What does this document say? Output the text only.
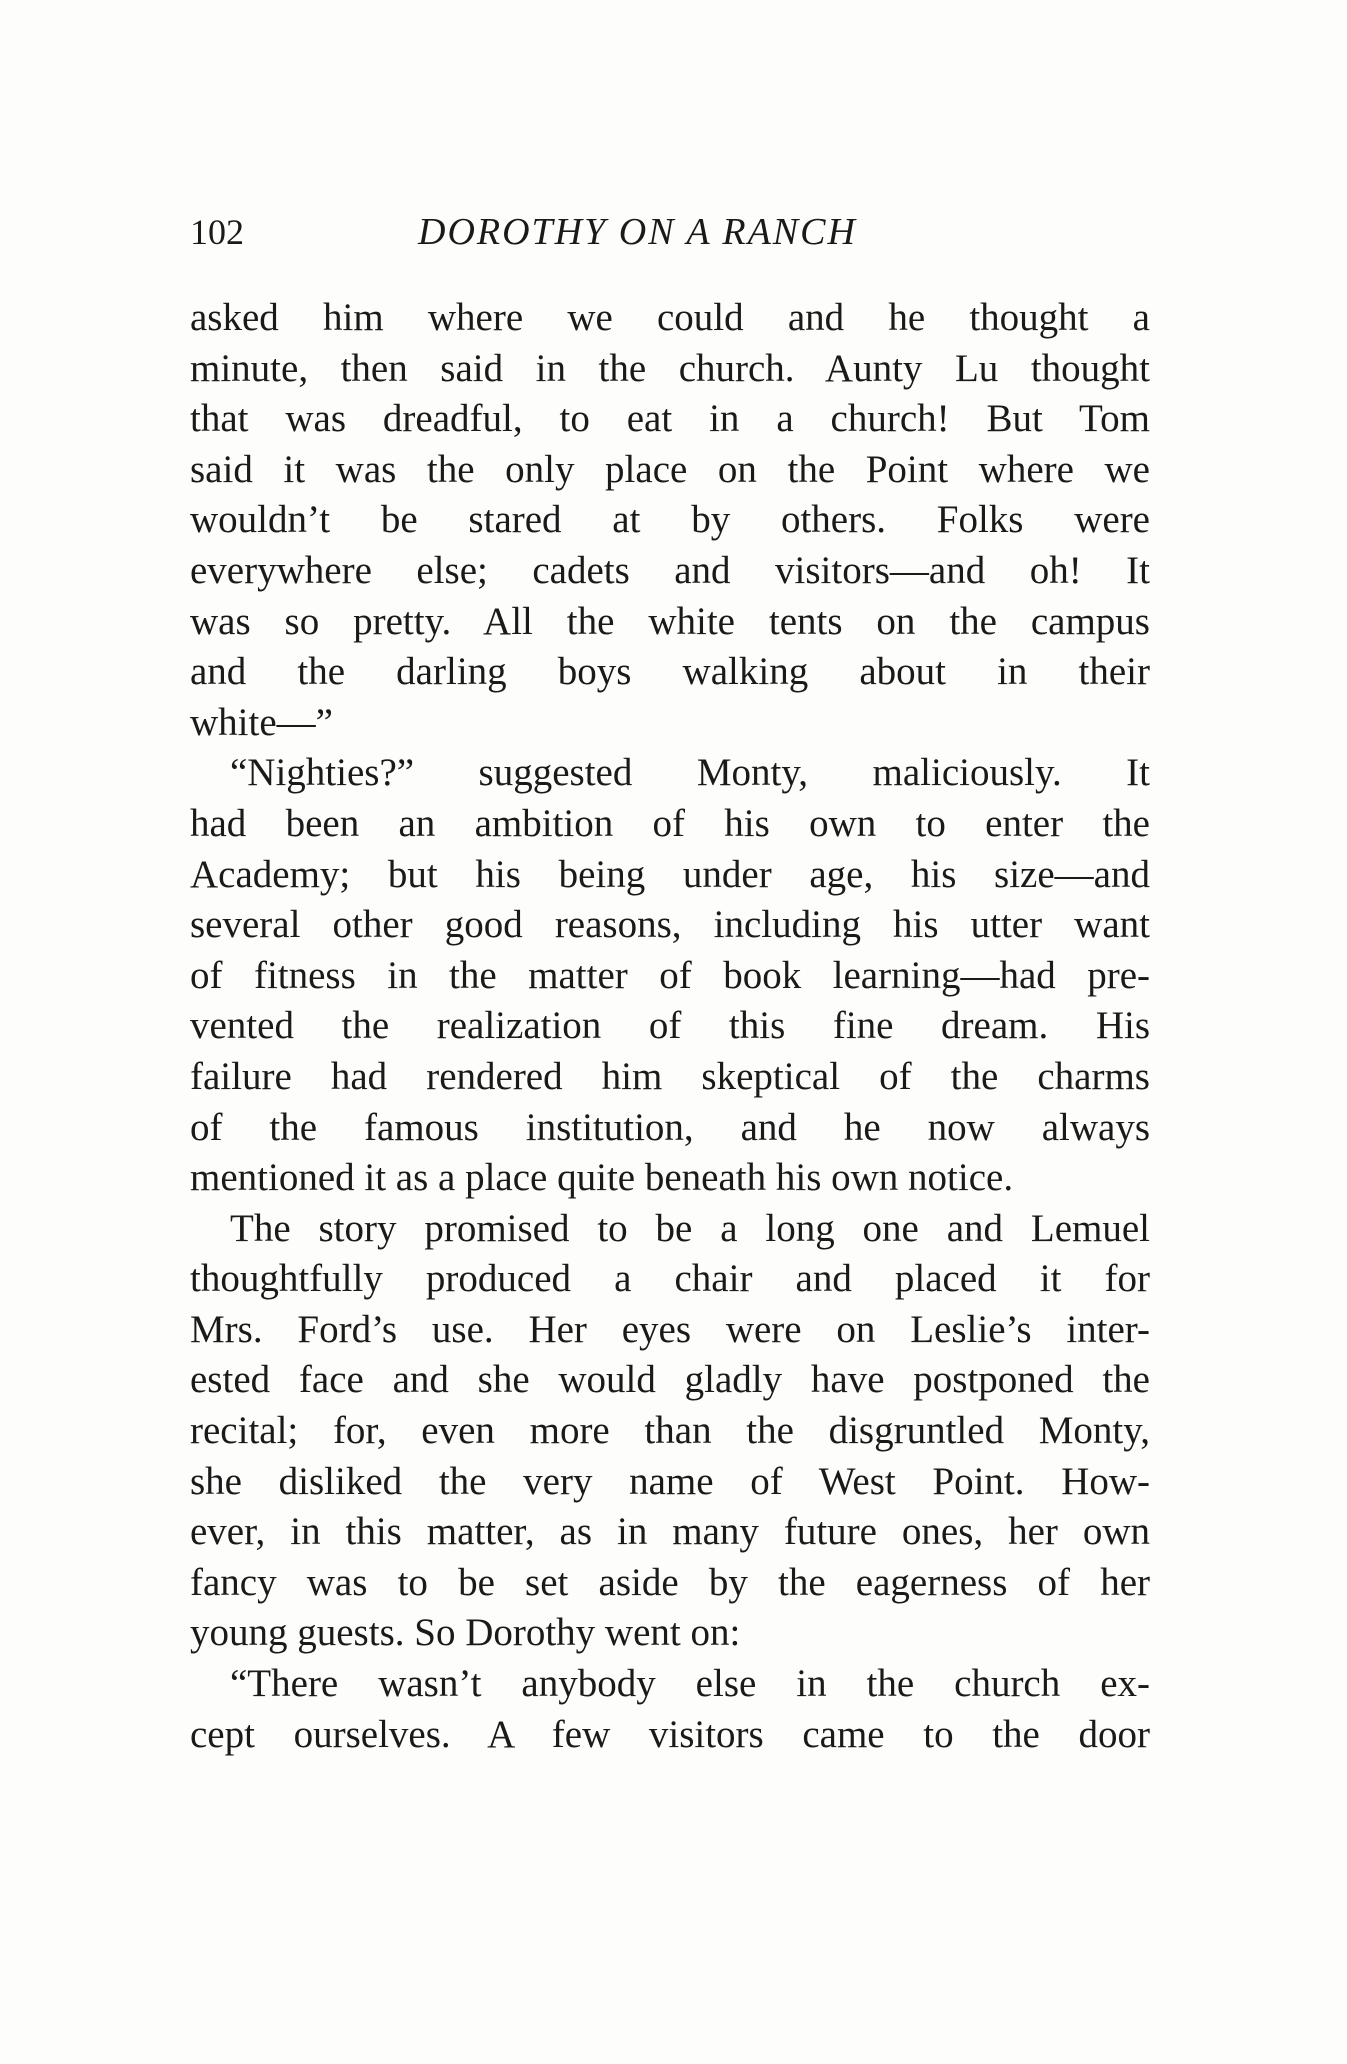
102	DOROTHY ON A RANCH
asked him where we could and he thought a
minute, then said in the church. Aunty Lu thought
that was dreadful, to eat in a church! But Tom
said it was the only place on the Point where we
wouldn’t be stared at by others. Folks were
everywhere else; cadets and visitors—and oh! It
was so pretty. All the white tents on the campus
and the darling boys walking about in their
white—”
“Nighties?” suggested Monty, maliciously. It
had been an ambition of his own to enter the
Academy; but his being under age, his size—and
several other good reasons, including his utter want
of fitness in the matter of book learning—had pre-
vented the realization of this fine dream. His
failure had rendered him skeptical of the charms
of the famous institution, and he now always
mentioned it as a place quite beneath his own notice.
The story promised to be a long one and Lemuel
thoughtfully produced a chair and placed it for
Mrs. Ford’s use. Her eyes were on Leslie’s inter-
ested face and she would gladly have postponed the
recital; for, even more than the disgruntled Monty,
she disliked the very name of West Point. How-
ever, in this matter, as in many future ones, her own
fancy was to be set aside by the eagerness of her
young guests. So Dorothy went on:
“There wasn’t anybody else in the church ex-
cept ourselves. A few visitors came to the door
